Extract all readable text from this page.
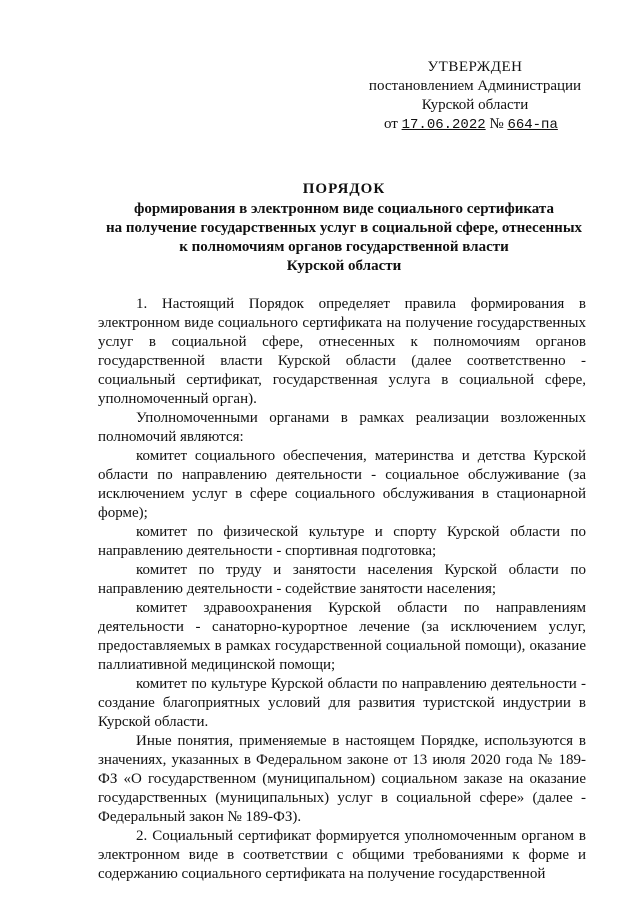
УТВЕРЖДЕН
постановлением Администрации
Курской области
от 17.06.2022 № 664-па
ПОРЯДОК
формирования в электронном виде социального сертификата
на получение государственных услуг в социальной сфере, отнесенных
к полномочиям органов государственной власти
Курской области

1. Настоящий Порядок определяет правила формирования в электронном виде социального сертификата на получение государственных услуг в социальной сфере, отнесенных к полномочиям органов государственной власти Курской области (далее соответственно - социальный сертификат, государственная услуга в социальной сфере, уполномоченный орган).

Уполномоченными органами в рамках реализации возложенных полномочий являются:

комитет социального обеспечения, материнства и детства Курской области по направлению деятельности - социальное обслуживание (за исключением услуг в сфере социального обслуживания в стационарной форме);

комитет по физической культуре и спорту Курской области по направлению деятельности - спортивная подготовка;

комитет по труду и занятости населения Курской области по направлению деятельности - содействие занятости населения;

комитет здравоохранения Курской области по направлениям деятельности - санаторно-курортное лечение (за исключением услуг, предоставляемых в рамках государственной социальной помощи), оказание паллиативной медицинской помощи;

комитет по культуре Курской области по направлению деятельности - создание благоприятных условий для развития туристской индустрии в Курской области.

Иные понятия, применяемые в настоящем Порядке, используются в значениях, указанных в Федеральном законе от 13 июля 2020 года № 189-ФЗ «О государственном (муниципальном) социальном заказе на оказание государственных (муниципальных) услуг в социальной сфере» (далее - Федеральный закон № 189-ФЗ).

2. Социальный сертификат формируется уполномоченным органом в электронном виде в соответствии с общими требованиями к форме и содержанию социального сертификата на получение государственной
